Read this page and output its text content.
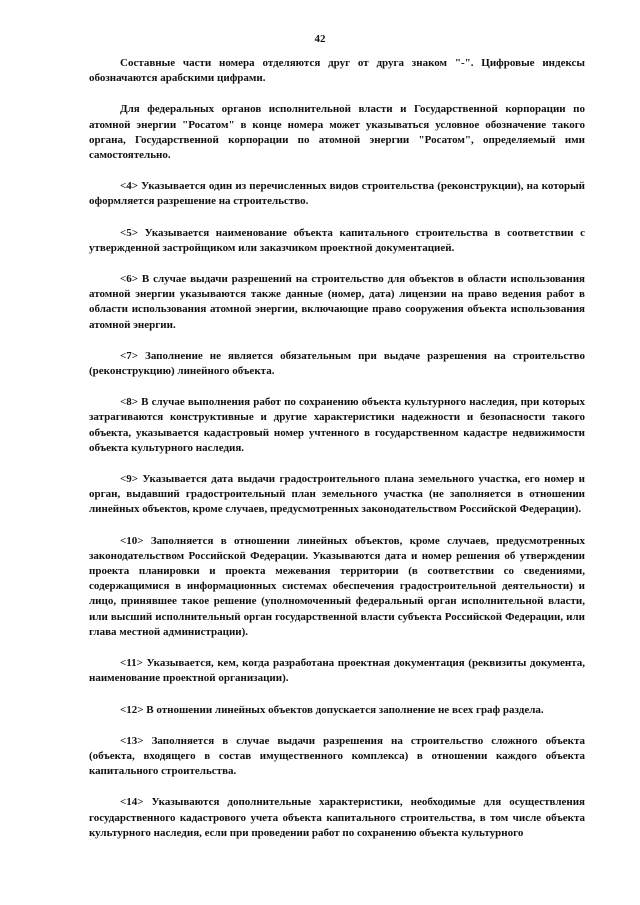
42

Составные части номера отделяются друг от друга знаком "-". Цифровые индексы обозначаются арабскими цифрами.

Для федеральных органов исполнительной власти и Государственной корпорации по атомной энергии "Росатом" в конце номера может указываться условное обозначение такого органа, Государственной корпорации по атомной энергии "Росатом", определяемый ими самостоятельно.

<4> Указывается один из перечисленных видов строительства (реконструкции), на который оформляется разрешение на строительство.

<5> Указывается наименование объекта капитального строительства в соответствии с утвержденной застройщиком или заказчиком проектной документацией.

<6> В случае выдачи разрешений на строительство для объектов в области использования атомной энергии указываются также данные (номер, дата) лицензии на право ведения работ в области использования атомной энергии, включающие право сооружения объекта использования атомной энергии.

<7> Заполнение не является обязательным при выдаче разрешения на строительство (реконструкцию) линейного объекта.

<8> В случае выполнения работ по сохранению объекта культурного наследия, при которых затрагиваются конструктивные и другие характеристики надежности и безопасности такого объекта, указывается кадастровый номер учтенного в государственном кадастре недвижимости объекта культурного наследия.

<9> Указывается дата выдачи градостроительного плана земельного участка, его номер и орган, выдавший градостроительный план земельного участка (не заполняется в отношении линейных объектов, кроме случаев, предусмотренных законодательством Российской Федерации).

<10> Заполняется в отношении линейных объектов, кроме случаев, предусмотренных законодательством Российской Федерации. Указываются дата и номер решения об утверждении проекта планировки и проекта межевания территории (в соответствии со сведениями, содержащимися в информационных системах обеспечения градостроительной деятельности) и лицо, принявшее такое решение (уполномоченный федеральный орган исполнительной власти, или высший исполнительный орган государственной власти субъекта Российской Федерации, или глава местной администрации).

<11> Указывается, кем, когда разработана проектная документация (реквизиты документа, наименование проектной организации).

<12> В отношении линейных объектов допускается заполнение не всех граф раздела.

<13> Заполняется в случае выдачи разрешения на строительство сложного объекта (объекта, входящего в состав имущественного комплекса) в отношении каждого объекта капитального строительства.

<14> Указываются дополнительные характеристики, необходимые для осуществления государственного кадастрового учета объекта капитального строительства, в том числе объекта культурного наследия, если при проведении работ по сохранению объекта культурного
